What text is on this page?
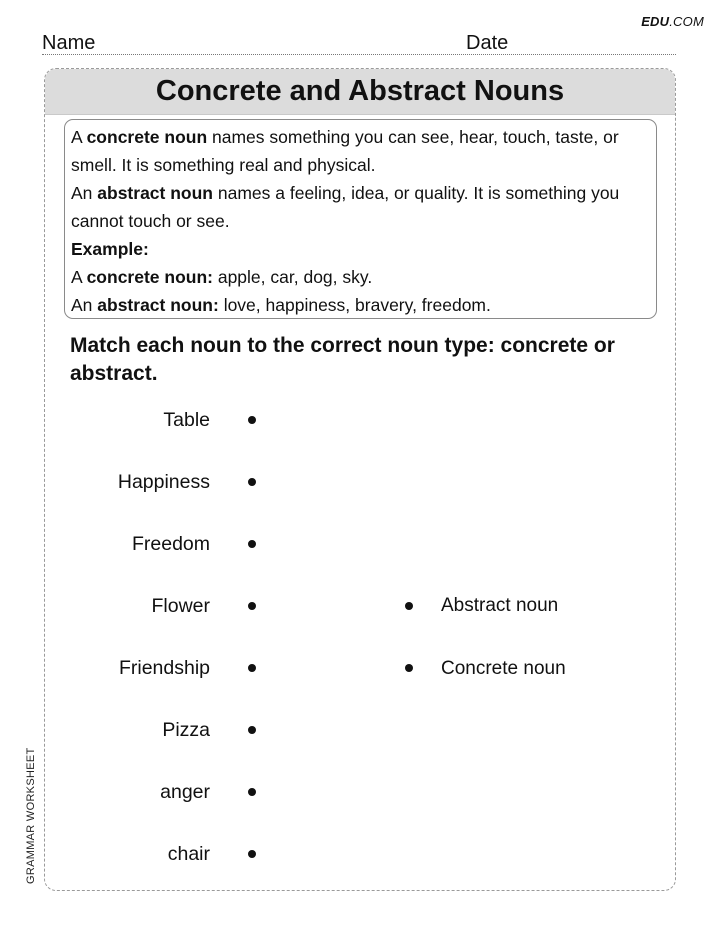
EDU.COM
Name	Date
Concrete and Abstract Nouns

A concrete noun names something you can see, hear, touch, taste, or smell. It is something real and physical.

An abstract noun names a feeling, idea, or quality. It is something you cannot touch or see.

Example:

A concrete noun: apple, car, dog, sky.

An abstract noun: love, happiness, bravery, freedom.

Match each noun to the correct noun type: concrete or abstract.
Table
Happiness
Freedom
Flower
Friendship
Pizza
anger
chair
Abstract noun
Concrete noun
GRAMMAR WORKSHEET
